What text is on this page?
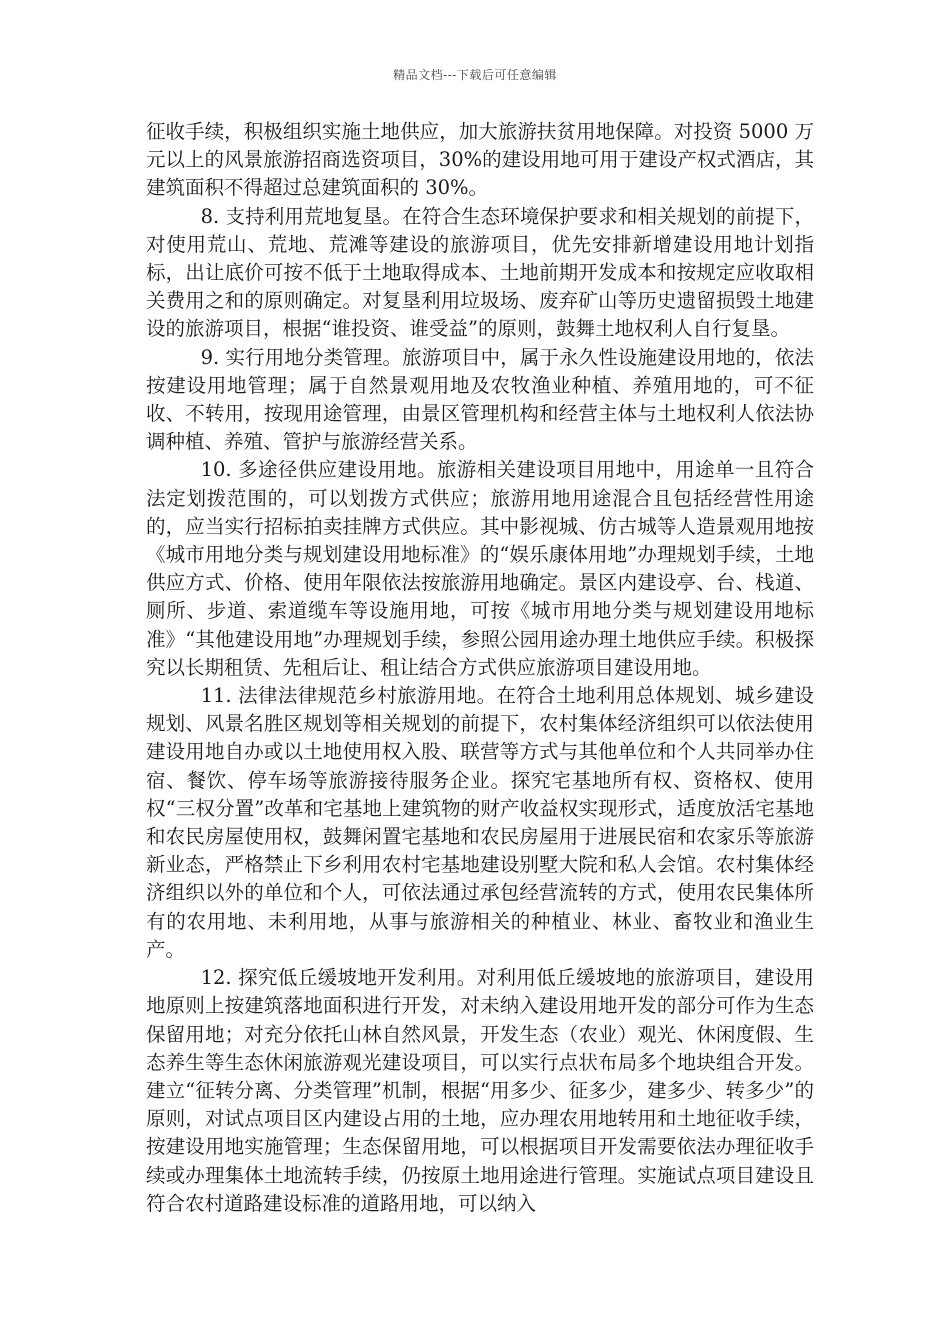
精品文档---下载后可任意编辑

征收手续，积极组织实施土地供应，加大旅游扶贫用地保障。对投资 5000 万元以上的风景旅游招商选资项目，30%的建设用地可用于建设产权式酒店，其建筑面积不得超过总建筑面积的 30%。

8. 支持利用荒地复垦。在符合生态环境保护要求和相关规划的前提下，对使用荒山、荒地、荒滩等建设的旅游项目，优先安排新增建设用地计划指标，出让底价可按不低于土地取得成本、土地前期开发成本和按规定应收取相关费用之和的原则确定。对复垦利用垃圾场、废弃矿山等历史遗留损毁土地建设的旅游项目，根据“谁投资、谁受益”的原则，鼓舞土地权利人自行复垦。

9. 实行用地分类管理。旅游项目中，属于永久性设施建设用地的，依法按建设用地管理；属于自然景观用地及农牧渔业种植、养殖用地的，可不征收、不转用，按现用途管理，由景区管理机构和经营主体与土地权利人依法协调种植、养殖、管护与旅游经营关系。

10. 多途径供应建设用地。旅游相关建设项目用地中，用途单一且符合法定划拨范围的，可以划拨方式供应；旅游用地用途混合且包括经营性用途的，应当实行招标拍卖挂牌方式供应。其中影视城、仿古城等人造景观用地按《城市用地分类与规划建设用地标准》的“娱乐康体用地”办理规划手续，土地供应方式、价格、使用年限依法按旅游用地确定。景区内建设亭、台、栈道、厕所、步道、索道缆车等设施用地，可按《城市用地分类与规划建设用地标准》“其他建设用地”办理规划手续，参照公园用途办理土地供应手续。积极探究以长期租赁、先租后让、租让结合方式供应旅游项目建设用地。

11. 法律法律规范乡村旅游用地。在符合土地利用总体规划、城乡建设规划、风景名胜区规划等相关规划的前提下，农村集体经济组织可以依法使用建设用地自办或以土地使用权入股、联营等方式与其他单位和个人共同举办住宿、餐饮、停车场等旅游接待服务企业。探究宅基地所有权、资格权、使用权“三权分置”改革和宅基地上建筑物的财产收益权实现形式，适度放活宅基地和农民房屋使用权，鼓舞闲置宅基地和农民房屋用于进展民宿和农家乐等旅游新业态，严格禁止下乡利用农村宅基地建设别墅大院和私人会馆。农村集体经济组织以外的单位和个人，可依法通过承包经营流转的方式，使用农民集体所有的农用地、未利用地，从事与旅游相关的种植业、林业、畜牧业和渔业生产。

12. 探究低丘缓坡地开发利用。对利用低丘缓坡地的旅游项目，建设用地原则上按建筑落地面积进行开发，对未纳入建设用地开发的部分可作为生态保留用地；对充分依托山林自然风景，开发生态（农业）观光、休闲度假、生态养生等生态休闲旅游观光建设项目，可以实行点状布局多个地块组合开发。建立“征转分离、分类管理”机制，根据“用多少、征多少，建多少、转多少”的原则，对试点项目区内建设占用的土地，应办理农用地转用和土地征收手续，按建设用地实施管理；生态保留用地，可以根据项目开发需要依法办理征收手续或办理集体土地流转手续，仍按原土地用途进行管理。实施试点项目建设且符合农村道路建设标准的道路用地，可以纳入
